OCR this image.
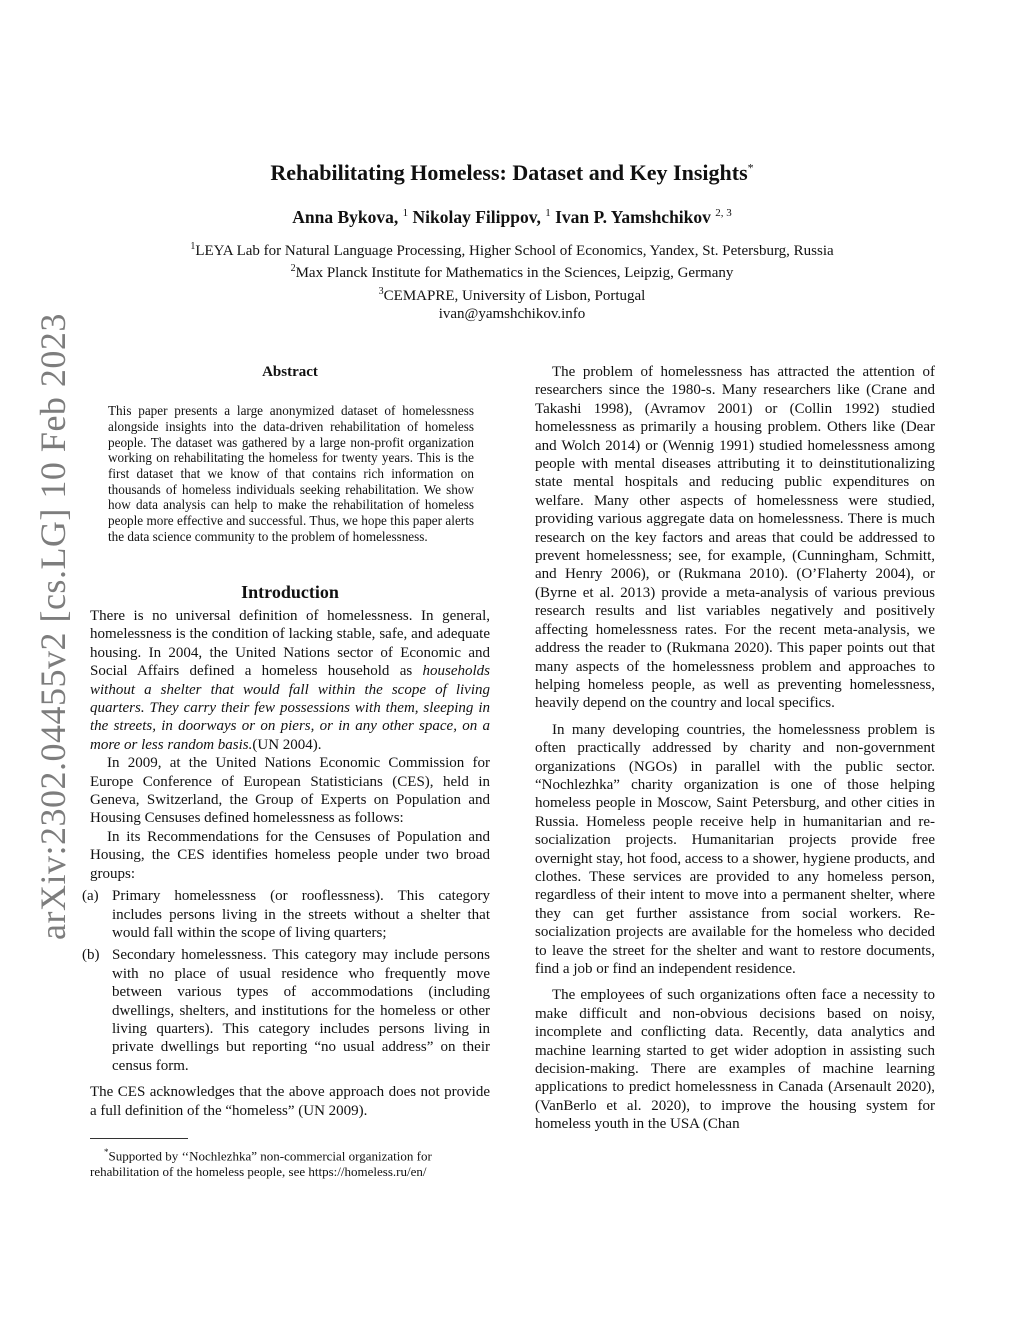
arXiv:2302.04455v2 [cs.LG] 10 Feb 2023
Rehabilitating Homeless: Dataset and Key Insights*
Anna Bykova, $^1$ Nikolay Filippov, $^1$ Ivan P. Yamshchikov $^{2, 3}$
$^1$LEYA Lab for Natural Language Processing, Higher School of Economics, Yandex, St. Petersburg, Russia
$^2$Max Planck Institute for Mathematics in the Sciences, Leipzig, Germany
$^3$CEMAPRE, University of Lisbon, Portugal
ivan@yamshchikov.info
Abstract

This paper presents a large anonymized dataset of homelessness alongside insights into the data-driven rehabilitation of homeless people. The dataset was gathered by a large non-profit organization working on rehabilitating the homeless for twenty years. This is the first dataset that we know of that contains rich information on thousands of homeless individuals seeking rehabilitation. We show how data analysis can help to make the rehabilitation of homeless people more effective and successful. Thus, we hope this paper alerts the data science community to the problem of homelessness.

Introduction

There is no universal definition of homelessness. In general, homelessness is the condition of lacking stable, safe, and adequate housing. In 2004, the United Nations sector of Economic and Social Affairs defined a homeless household as households without a shelter that would fall within the scope of living quarters. They carry their few possessions with them, sleeping in the streets, in doorways or on piers, or in any other space, on a more or less random basis.(UN 2004).

In 2009, at the United Nations Economic Commission for Europe Conference of European Statisticians (CES), held in Geneva, Switzerland, the Group of Experts on Population and Housing Censuses defined homelessness as follows:

In its Recommendations for the Censuses of Population and Housing, the CES identifies homeless people under two broad groups:

(a) Primary homelessness (or rooflessness). This category includes persons living in the streets without a shelter that would fall within the scope of living quarters;
(b) Secondary homelessness. This category may include persons with no place of usual residence who frequently move between various types of accommodations (including dwellings, shelters, and institutions for the homeless or other living quarters). This category includes persons living in private dwellings but reporting “no usual address” on their census form.

The CES acknowledges that the above approach does not provide a full definition of the “homeless” (UN 2009).

*Supported by ‘‘Nochlezhka” non-commercial organization for rehabilitation of the homeless people, see https://homeless.ru/en/

The problem of homelessness has attracted the attention of researchers since the 1980-s. Many researchers like (Crane and Takashi 1998), (Avramov 2001) or (Collin 1992) studied homelessness as primarily a housing problem. Others like (Dear and Wolch 2014) or (Wennig 1991) studied homelessness among people with mental diseases attributing it to deinstitutionalizing state mental hospitals and reducing public expenditures on welfare. Many other aspects of homelessness were studied, providing various aggregate data on homelessness. There is much research on the key factors and areas that could be addressed to prevent homelessness; see, for example, (Cunningham, Schmitt, and Henry 2006), or (Rukmana 2010). (O’Flaherty 2004), or (Byrne et al. 2013) provide a meta-analysis of various previous research results and list variables negatively and positively affecting homelessness rates. For the recent meta-analysis, we address the reader to (Rukmana 2020). This paper points out that many aspects of the homelessness problem and approaches to helping homeless people, as well as preventing homelessness, heavily depend on the country and local specifics.

In many developing countries, the homelessness problem is often practically addressed by charity and non-government organizations (NGOs) in parallel with the public sector. “Nochlezhka” charity organization is one of those helping homeless people in Moscow, Saint Petersburg, and other cities in Russia. Homeless people receive help in humanitarian and re-socialization projects. Humanitarian projects provide free overnight stay, hot food, access to a shower, hygiene products, and clothes. These services are provided to any homeless person, regardless of their intent to move into a permanent shelter, where they can get further assistance from social workers. Re-socialization projects are available for the homeless who decided to leave the street for the shelter and want to restore documents, find a job or find an independent residence.

The employees of such organizations often face a necessity to make difficult and non-obvious decisions based on noisy, incomplete and conflicting data. Recently, data analytics and machine learning started to get wider adoption in assisting such decision-making. There are examples of machine learning applications to predict homelessness in Canada (Arsenault 2020), (VanBerlo et al. 2020), to improve the housing system for homeless youth in the USA (Chan
